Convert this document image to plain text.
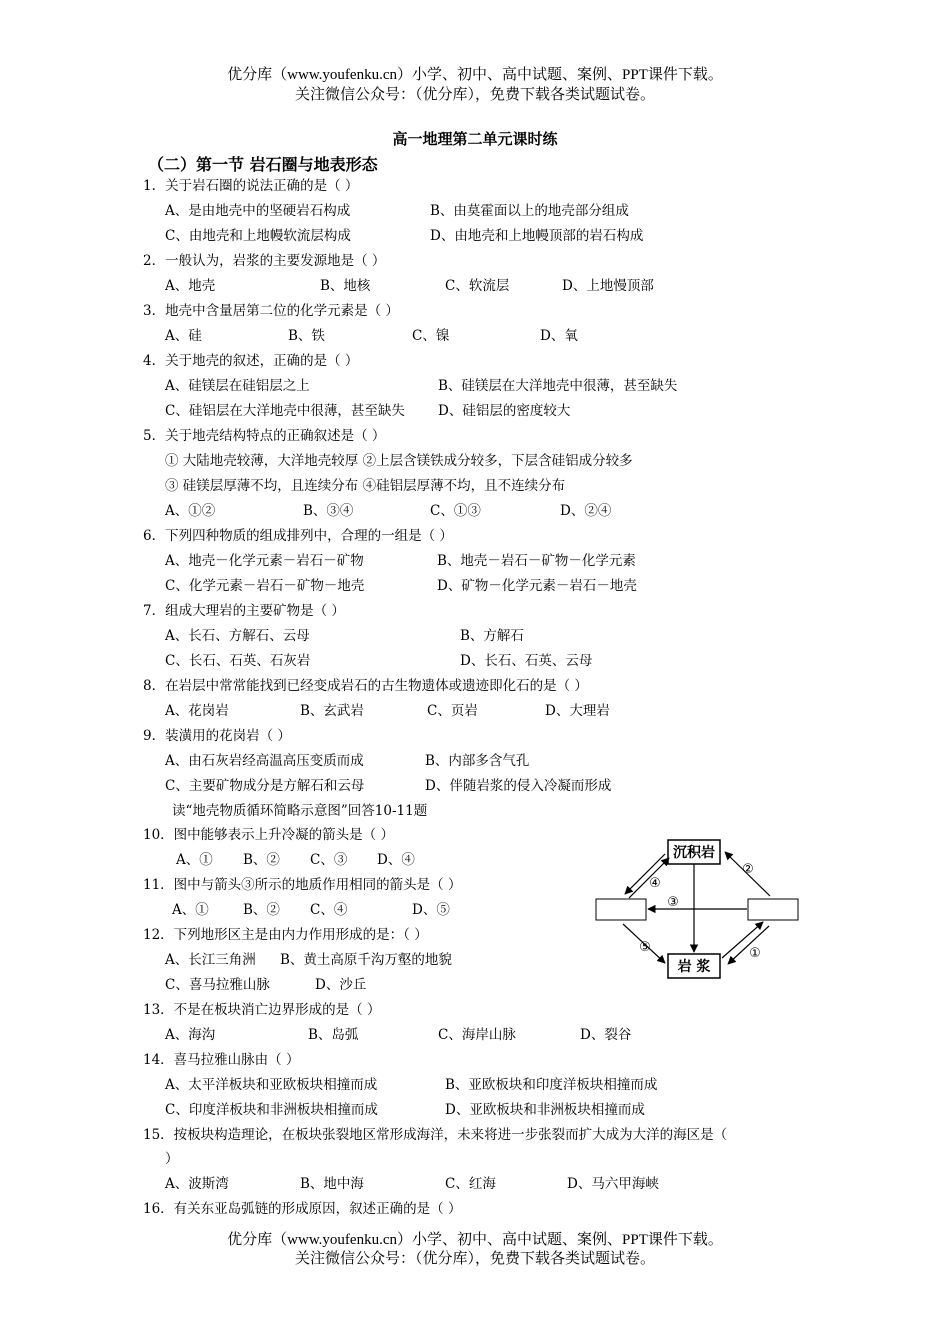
优分库（www.youfenku.cn）小学、初中、高中试题、案例、PPT课件下载。
关注微信公众号：（优分库），免费下载各类试题试卷。
高一地理第二单元课时练
（二）第一节 岩石圈与地表形态
1．关于岩石圈的说法正确的是（ ）
A、是由地壳中的坚硬岩石构成	B、由莫霍面以上的地壳部分组成
C、由地壳和上地幔软流层构成	D、由地壳和上地幔顶部的岩石构成
2．一般认为，岩浆的主要发源地是（ ）
A、地壳	B、地核	C、软流层	D、上地慢顶部
3．地壳中含量居第二位的化学元素是（ ）
A、硅	B、铁	C、镍	D、氧
4．关于地壳的叙述，正确的是（ ）
A、硅镁层在硅铝层之上	B、硅镁层在大洋地壳中很薄，甚至缺失
C、硅铝层在大洋地壳中很薄，甚至缺失 D、硅铝层的密度较大
5．关于地壳结构特点的正确叙述是（ ）
① 大陆地壳较薄，大洋地壳较厚 ②上层含镁铁成分较多，下层含硅铝成分较多
③ 硅镁层厚薄不均，且连续分布 ④硅铝层厚薄不均，且不连续分布
A、①②	B、③④	C、①③	D、②④
6．下列四种物质的组成排列中，合理的一组是（ ）
A、地壳－化学元素－岩石－矿物	B、地壳－岩石－矿物－化学元素
C、化学元素－岩石－矿物－地壳	D、矿物－化学元素－岩石－地壳
7．组成大理岩的主要矿物是（ ）
A、长石、方解石、云母	B、方解石
C、长石、石英、石灰岩	D、长石、石英、云母
8．在岩层中常常能找到已经变成岩石的古生物遗体或遗迹即化石的是（ ）
A、花岗岩	B、玄武岩	C、页岩	D、大理岩
9．装潢用的花岗岩（ ）
A、由石灰岩经高温高压变质而成	B、内部多含气孔
C、主要矿物成分是方解石和云母	D、伴随岩浆的侵入冷凝而形成
读“地壳物质循环简略示意图”回答10-11题
10．图中能够表示上升冷凝的箭头是（ ）
A、① B、② C、③ D、④
11．图中与箭头③所示的地质作用相同的箭头是（ ）
A、①	B、② C、④	D、⑤
12．下列地形区主是由内力作用形成的是：（ ）
A、长江三角洲 B、黄土高原千沟万壑的地貌
C、喜马拉雅山脉	D、沙丘
13．不是在板块消亡边界形成的是（ ）
A、海沟	B、岛弧	C、海岸山脉	D、裂谷
14．喜马拉雅山脉由（ ）
A、太平洋板块和亚欧板块相撞而成	B、亚欧板块和印度洋板块相撞而成
C、印度洋板块和非洲板块相撞而成	D、亚欧板块和非洲板块相撞而成
15．按板块构造理论，在板块张裂地区常形成海洋，未来将进一步张裂而扩大成为大洋的海区是（
）
A、波斯湾	B、地中海	C、红海	D、马六甲海峡
16．有关东亚岛弧链的形成原因，叙述正确的是（ ）
沉积岩
岩 浆
④
②
③
⑤	①
优分库（www.youfenku.cn）小学、初中、高中试题、案例、PPT课件下载。
关注微信公众号：（优分库），免费下载各类试题试卷。
